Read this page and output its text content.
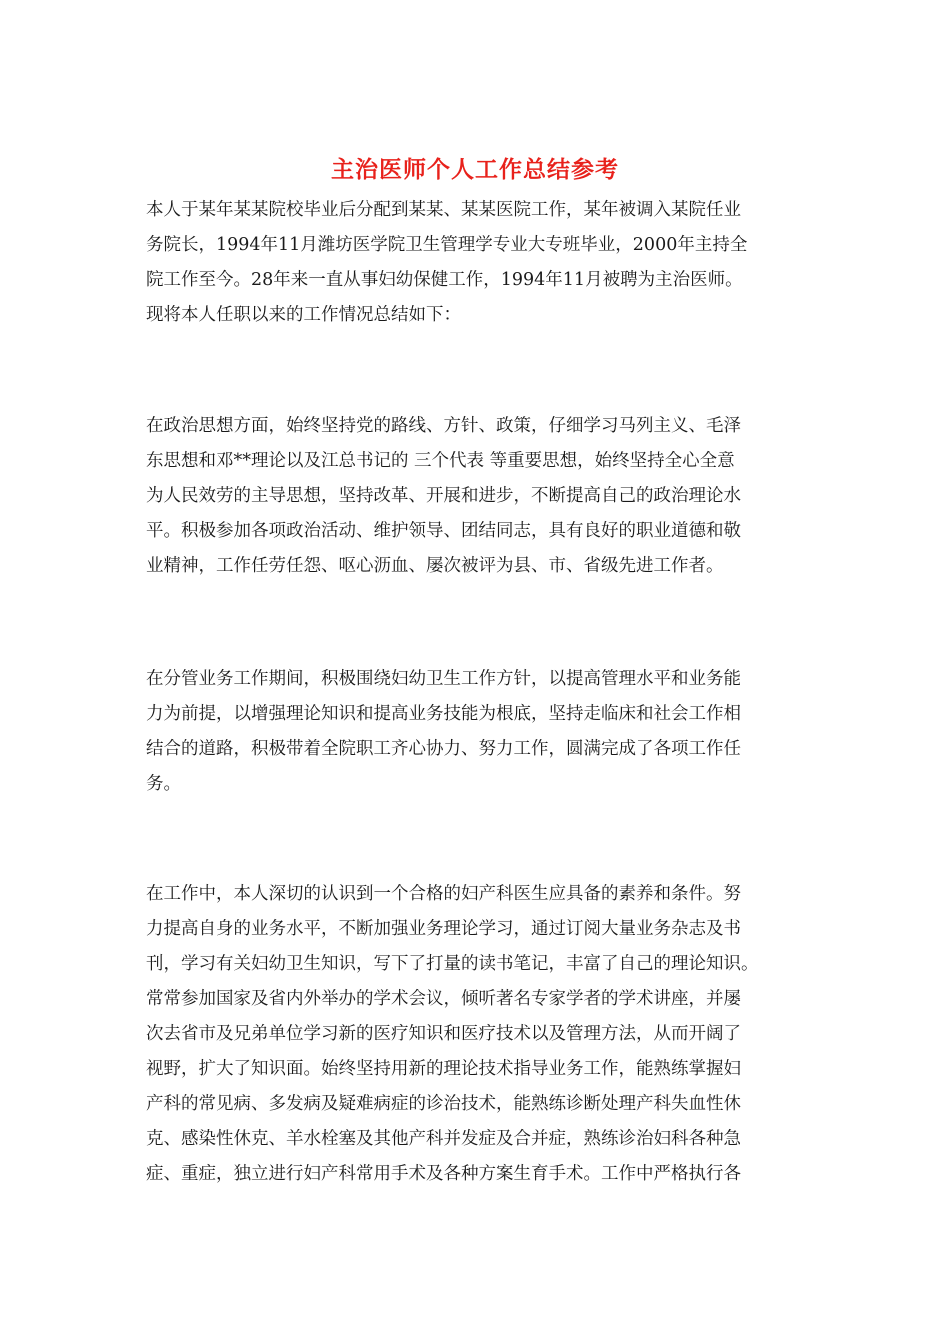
主治医师个人工作总结参考

本人于某年某某院校毕业后分配到某某、某某医院工作，某年被调入某院任业
务院长，1994年11月潍坊医学院卫生管理学专业大专班毕业，2000年主持全
院工作至今。28年来一直从事妇幼保健工作，1994年11月被聘为主治医师。
现将本人任职以来的工作情况总结如下：

在政治思想方面，始终坚持党的路线、方针、政策，仔细学习马列主义、毛泽
东思想和邓**理论以及江总书记的 三个代表 等重要思想，始终坚持全心全意
为人民效劳的主导思想，坚持改革、开展和进步，不断提高自己的政治理论水
平。积极参加各项政治活动、维护领导、团结同志，具有良好的职业道德和敬
业精神，工作任劳任怨、呕心沥血、屡次被评为县、市、省级先进工作者。

在分管业务工作期间，积极围绕妇幼卫生工作方针，以提高管理水平和业务能
力为前提，以增强理论知识和提高业务技能为根底，坚持走临床和社会工作相
结合的道路，积极带着全院职工齐心协力、努力工作，圆满完成了各项工作任
务。

在工作中，本人深切的认识到一个合格的妇产科医生应具备的素养和条件。努
力提高自身的业务水平，不断加强业务理论学习，通过订阅大量业务杂志及书
刊，学习有关妇幼卫生知识，写下了打量的读书笔记，丰富了自己的理论知识。
常常参加国家及省内外举办的学术会议，倾听著名专家学者的学术讲座，并屡
次去省市及兄弟单位学习新的医疗知识和医疗技术以及管理方法，从而开阔了
视野，扩大了知识面。始终坚持用新的理论技术指导业务工作，能熟练掌握妇
产科的常见病、多发病及疑难病症的诊治技术，能熟练诊断处理产科失血性休
克、感染性休克、羊水栓塞及其他产科并发症及合并症，熟练诊治妇科各种急
症、重症，独立进行妇产科常用手术及各种方案生育手术。工作中严格执行各
